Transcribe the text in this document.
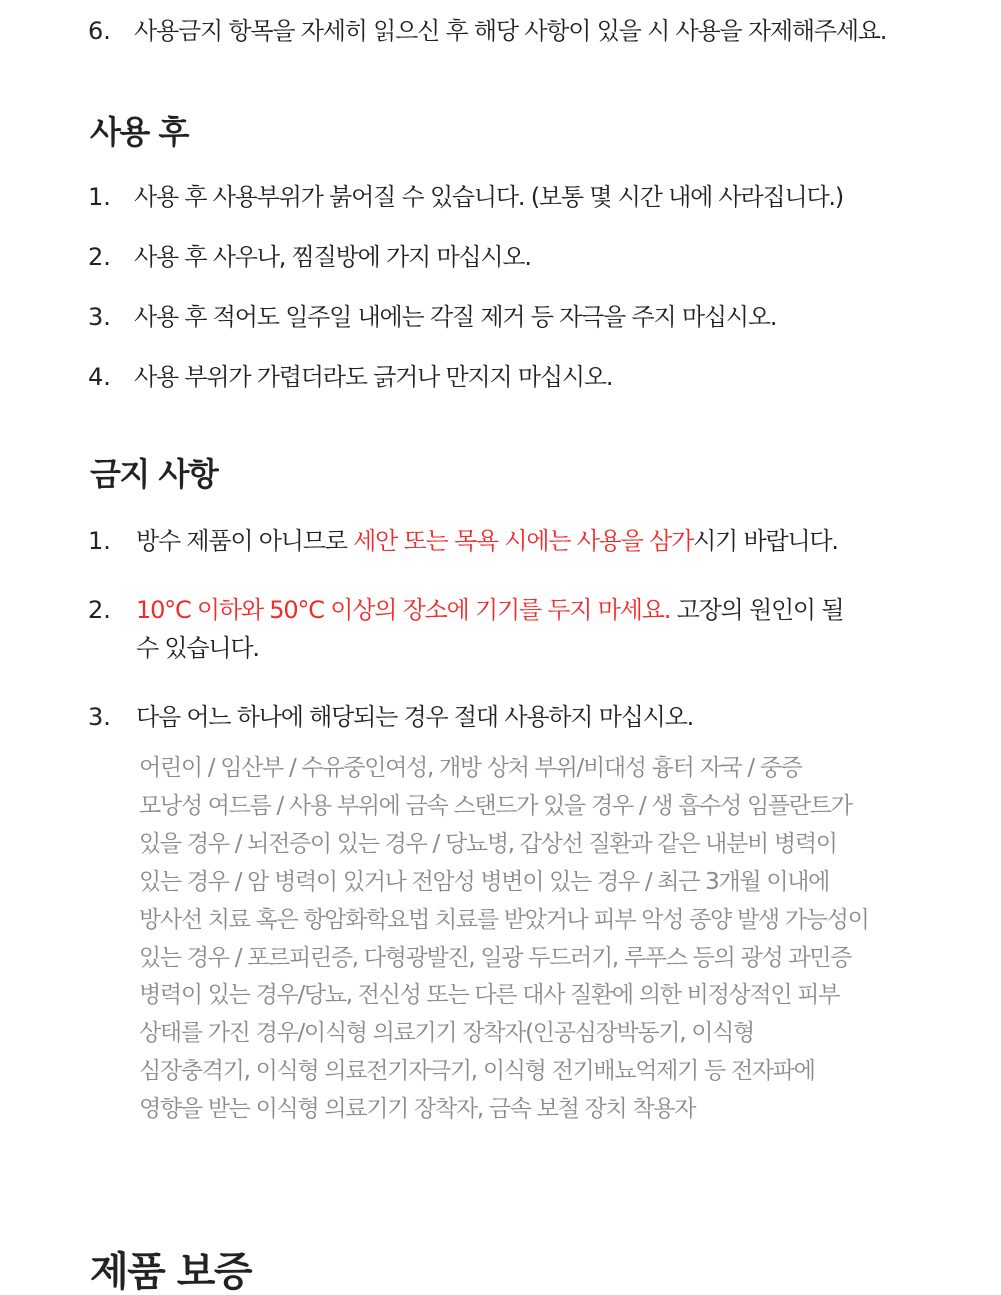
6. 사용금지 항목을 자세히 읽으신 후 해당 사항이 있을 시 사용을 자제해주세요.
사용 후
1. 사용 후 사용부위가 붉어질 수 있습니다. (보통 몇 시간 내에 사라집니다.)
2. 사용 후 사우나, 찜질방에 가지 마십시오.
3. 사용 후 적어도 일주일 내에는 각질 제거 등 자극을 주지 마십시오.
4. 사용 부위가 가렵더라도 긁거나 만지지 마십시오.
금지 사항
1.	방수 제품이 아니므로 세안 또는 목욕 시에는 사용을 삼가시기 바랍니다.
2.	10°C 이하와 50°C 이상의 장소에 기기를 두지 마세요. 고장의 원인이 될
수 있습니다.
3.	다음 어느 하나에 해당되는 경우 절대 사용하지 마십시오.

어린이 / 임산부 / 수유중인여성, 개방 상처 부위/비대성 흉터 자국 / 중증
모낭성 여드름 / 사용 부위에 금속 스탠드가 있을 경우 / 생 흡수성 임플란트가
있을 경우 / 뇌전증이 있는 경우 / 당뇨병, 갑상선 질환과 같은 내분비 병력이
있는 경우 / 암 병력이 있거나 전암성 병변이 있는 경우 / 최근 3개월 이내에
방사선 치료 혹은 항암화학요법 치료를 받았거나 피부 악성 종양 발생 가능성이
있는 경우 / 포르피린증, 다형광발진, 일광 두드러기, 루푸스 등의 광성 과민증
병력이 있는 경우/당뇨, 전신성 또는 다른 대사 질환에 의한 비정상적인 피부
상태를 가진 경우/이식형 의료기기 장착자(인공심장박동기, 이식형
심장충격기, 이식형 의료전기자극기, 이식형 전기배뇨억제기 등 전자파에
영향을 받는 이식형 의료기기 장착자, 금속 보철 장치 착용자

제품 보증
